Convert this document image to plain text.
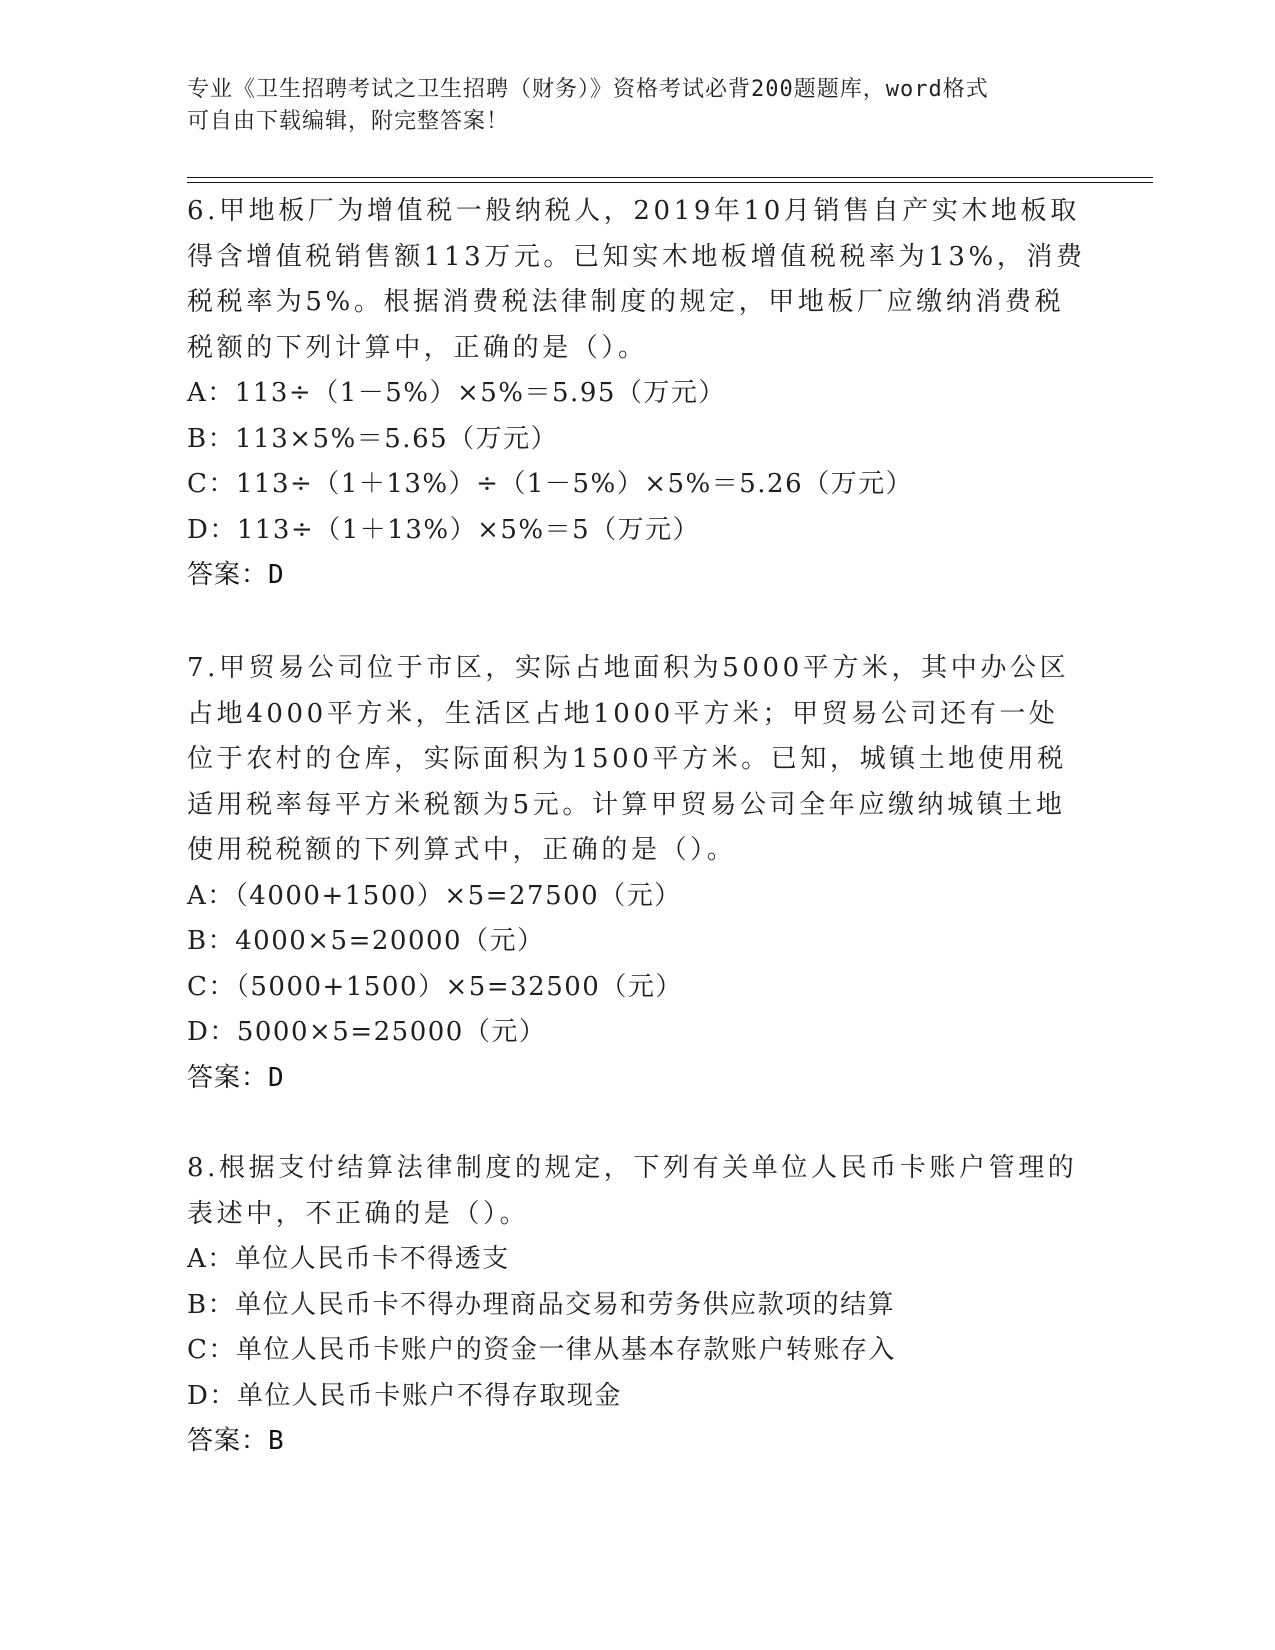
专业《卫生招聘考试之卫生招聘（财务）》资格考试必背200题题库，word格式
可自由下载编辑，附完整答案！

6.甲地板厂为增值税一般纳税人，2019年10月销售自产实木地板取得含增值税销售额113万元。已知实木地板增值税税率为13%，消费税税率为5%。根据消费税法律制度的规定，甲地板厂应缴纳消费税税额的下列计算中，正确的是（）。

A：113÷（1－5%）×5%＝5.95（万元）

B：113×5%＝5.65（万元）

C：113÷（1＋13%）÷（1－5%）×5%＝5.26（万元）

D：113÷（1＋13%）×5%＝5（万元）

答案：D

7.甲贸易公司位于市区，实际占地面积为5000平方米，其中办公区占地4000平方米，生活区占地1000平方米；甲贸易公司还有一处位于农村的仓库，实际面积为1500平方米。已知，城镇土地使用税适用税率每平方米税额为5元。计算甲贸易公司全年应缴纳城镇土地使用税税额的下列算式中，正确的是（）。

A：（4000+1500）×5=27500（元）

B：4000×5=20000（元）

C：（5000+1500）×5=32500（元）

D：5000×5=25000（元）

答案：D

8.根据支付结算法律制度的规定，下列有关单位人民币卡账户管理的表述中，不正确的是（）。

A：单位人民币卡不得透支

B：单位人民币卡不得办理商品交易和劳务供应款项的结算

C：单位人民币卡账户的资金一律从基本存款账户转账存入

D：单位人民币卡账户不得存取现金

答案：B
